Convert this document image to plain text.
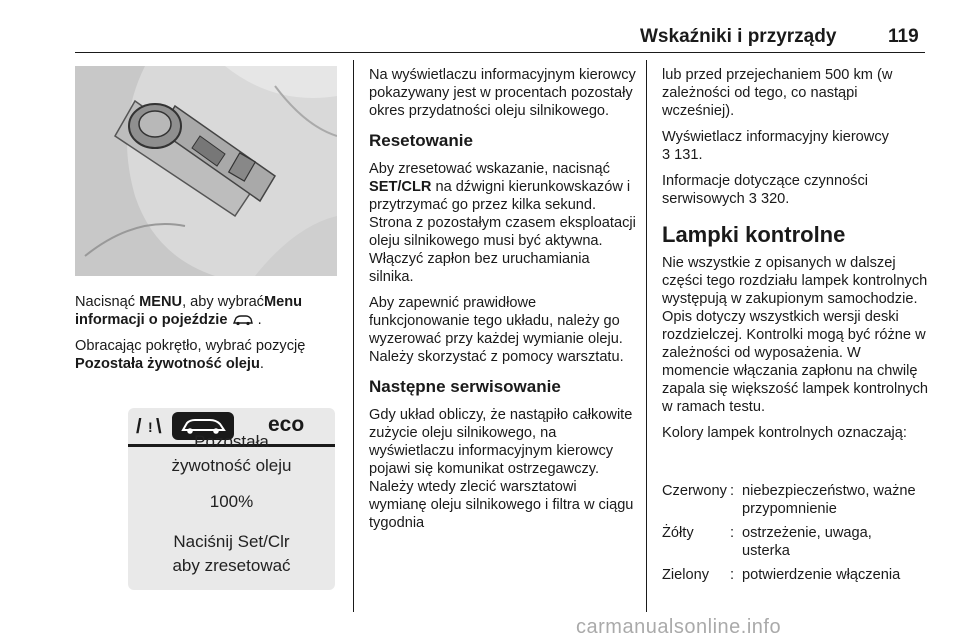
Wskaźniki i przyrządy	119

Nacisnąć MENU, aby wybraćMenu informacji o pojeździe .

Obracając pokrętło, wybrać pozycję Pozostała żywotność oleju.

/ ! \	eco
Pozostała
żywotność oleju
100%
Naciśnij Set/Clr
aby zresetować

Na wyświetlaczu informacyjnym kierowcy pokazywany jest w procentach pozostały okres przydatności oleju silnikowego.

Resetowanie

Aby zresetować wskazanie, nacisnąć SET/CLR na dźwigni kierunkowskazów i przytrzymać go przez kilka sekund. Strona z pozostałym czasem eksploatacji oleju silnikowego musi być aktywna. Włączyć zapłon bez uruchamiania silnika.

Aby zapewnić prawidłowe funkcjonowanie tego układu, należy go wyzerować przy każdej wymianie oleju. Należy skorzystać z pomocy warsztatu.

Następne serwisowanie

Gdy układ obliczy, że nastąpiło całkowite zużycie oleju silnikowego, na wyświetlaczu informacyjnym kierowcy pojawi się komunikat ostrzegawczy. Należy wtedy zlecić warsztatowi wymianę oleju silnikowego i filtra w ciągu tygodnia

lub przed przejechaniem 500 km (w zależności od tego, co nastąpi wcześniej).

Wyświetlacz informacyjny kierowcy
3 131.

Informacje dotyczące czynności serwisowych 3 320.

Lampki kontrolne

Nie wszystkie z opisanych w dalszej części tego rozdziału lampek kontrolnych występują w zakupionym samochodzie. Opis dotyczy wszystkich wersji deski rozdzielczej. Kontrolki mogą być różne w zależności od wyposażenia. W momencie włączania zapłonu na chwilę zapala się większość lampek kontrolnych w ramach testu.

Kolory lampek kontrolnych oznaczają:

Czerwony : niebezpieczeństwo, ważne przypomnienie
Żółty	: ostrzeżenie, uwaga, usterka
Zielony	: potwierdzenie włączenia
carmanualsonline.info
